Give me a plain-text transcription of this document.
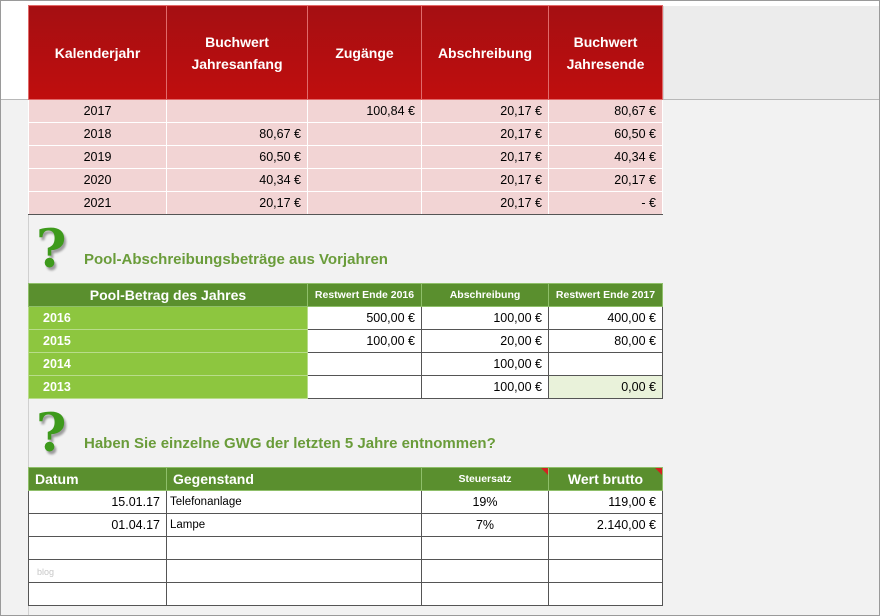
Kalenderjahr	Buchwert Jahresanfang	Zugänge	Abschreibung	Buchwert Jahresende
2017		100,84 €	20,17 €	80,67 €
2018	80,67 €		20,17 €	60,50 €
2019	60,50 €		20,17 €	40,34 €
2020	40,34 €		20,17 €	20,17 €
2021	20,17 €		20,17 €	- €
? Pool-Abschreibungsbeträge aus Vorjahren
Pool-Betrag des Jahres	Restwert Ende 2016	Abschreibung	Restwert Ende 2017
2016	500,00 €	100,00 €	400,00 €
2015	100,00 €	20,00 €	80,00 €
2014		100,00 €	
2013		100,00 €	0,00 €
? Haben Sie einzelne GWG der letzten 5 Jahre entnommen?
Datum	Gegenstand	Steuersatz	Wert brutto

15.01.17	Telefonanlage	19%	119,00 €
01.04.17	Lampe	7%	2.140,00 €

blog			
